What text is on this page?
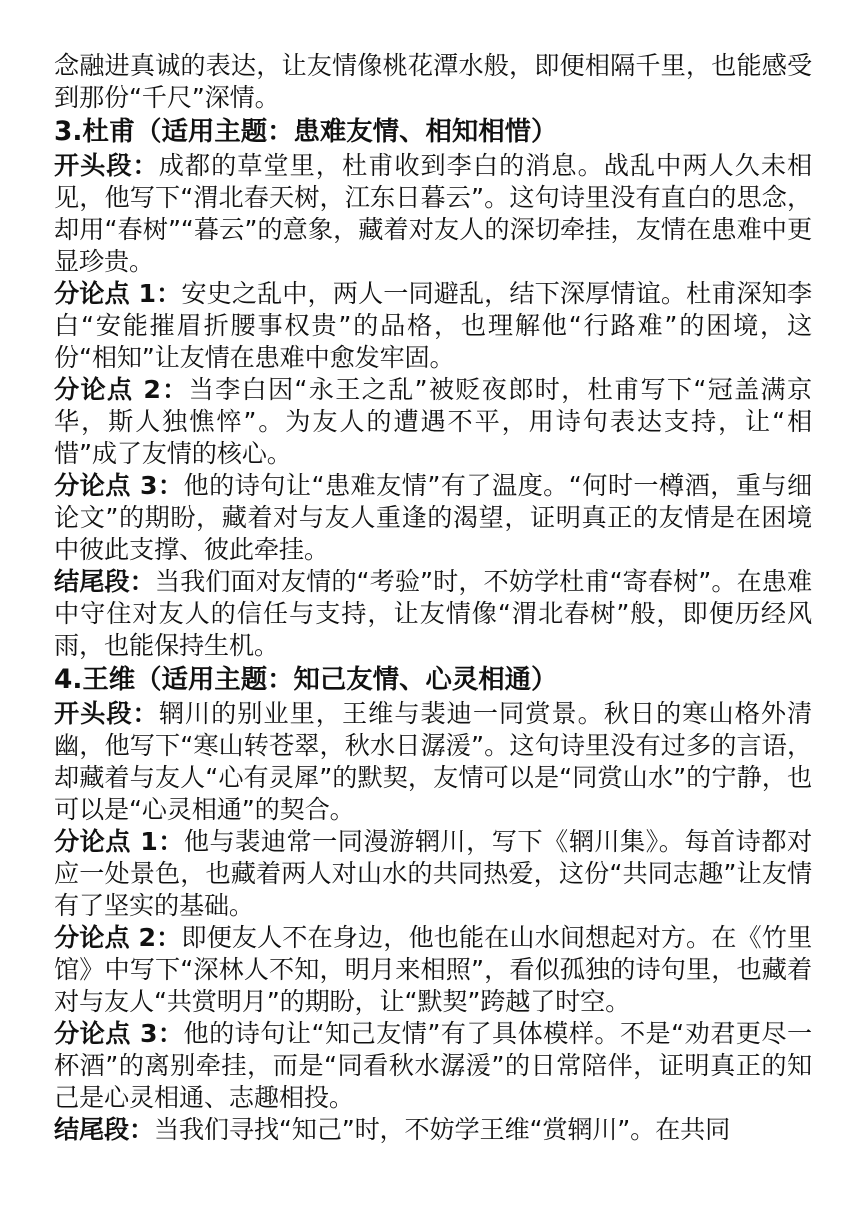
念融进真诚的表达，让友情像桃花潭水般，即便相隔千里，也能感受到那份“千尺”深情。

3.杜甫（适用主题：患难友情、相知相惜）

开头段：成都的草堂里，杜甫收到李白的消息。战乱中两人久未相见，他写下“渭北春天树，江东日暮云”。这句诗里没有直白的思念，却用“春树”“暮云”的意象，藏着对友人的深切牵挂，友情在患难中更显珍贵。

分论点 1：安史之乱中，两人一同避乱，结下深厚情谊。杜甫深知李白“安能摧眉折腰事权贵”的品格，也理解他“行路难”的困境，这份“相知”让友情在患难中愈发牢固。

分论点 2：当李白因“永王之乱”被贬夜郎时，杜甫写下“冠盖满京华，斯人独憔悴”。为友人的遭遇不平，用诗句表达支持，让“相惜”成了友情的核心。

分论点 3：他的诗句让“患难友情”有了温度。“何时一樽酒，重与细论文”的期盼，藏着对与友人重逢的渴望，证明真正的友情是在困境中彼此支撑、彼此牵挂。

结尾段：当我们面对友情的“考验”时，不妨学杜甫“寄春树”。在患难中守住对友人的信任与支持，让友情像“渭北春树”般，即便历经风雨，也能保持生机。

4.王维（适用主题：知己友情、心灵相通）

开头段：辋川的别业里，王维与裴迪一同赏景。秋日的寒山格外清幽，他写下“寒山转苍翠，秋水日潺湲”。这句诗里没有过多的言语，却藏着与友人“心有灵犀”的默契，友情可以是“同赏山水”的宁静，也可以是“心灵相通”的契合。

分论点 1：他与裴迪常一同漫游辋川，写下《辋川集》。每首诗都对应一处景色，也藏着两人对山水的共同热爱，这份“共同志趣”让友情有了坚实的基础。

分论点 2：即便友人不在身边，他也能在山水间想起对方。在《竹里馆》中写下“深林人不知，明月来相照”，看似孤独的诗句里，也藏着对与友人“共赏明月”的期盼，让“默契”跨越了时空。

分论点 3：他的诗句让“知己友情”有了具体模样。不是“劝君更尽一杯酒”的离别牵挂，而是“同看秋水潺湲”的日常陪伴，证明真正的知己是心灵相通、志趣相投。

结尾段：当我们寻找“知己”时，不妨学王维“赏辋川”。在共同
